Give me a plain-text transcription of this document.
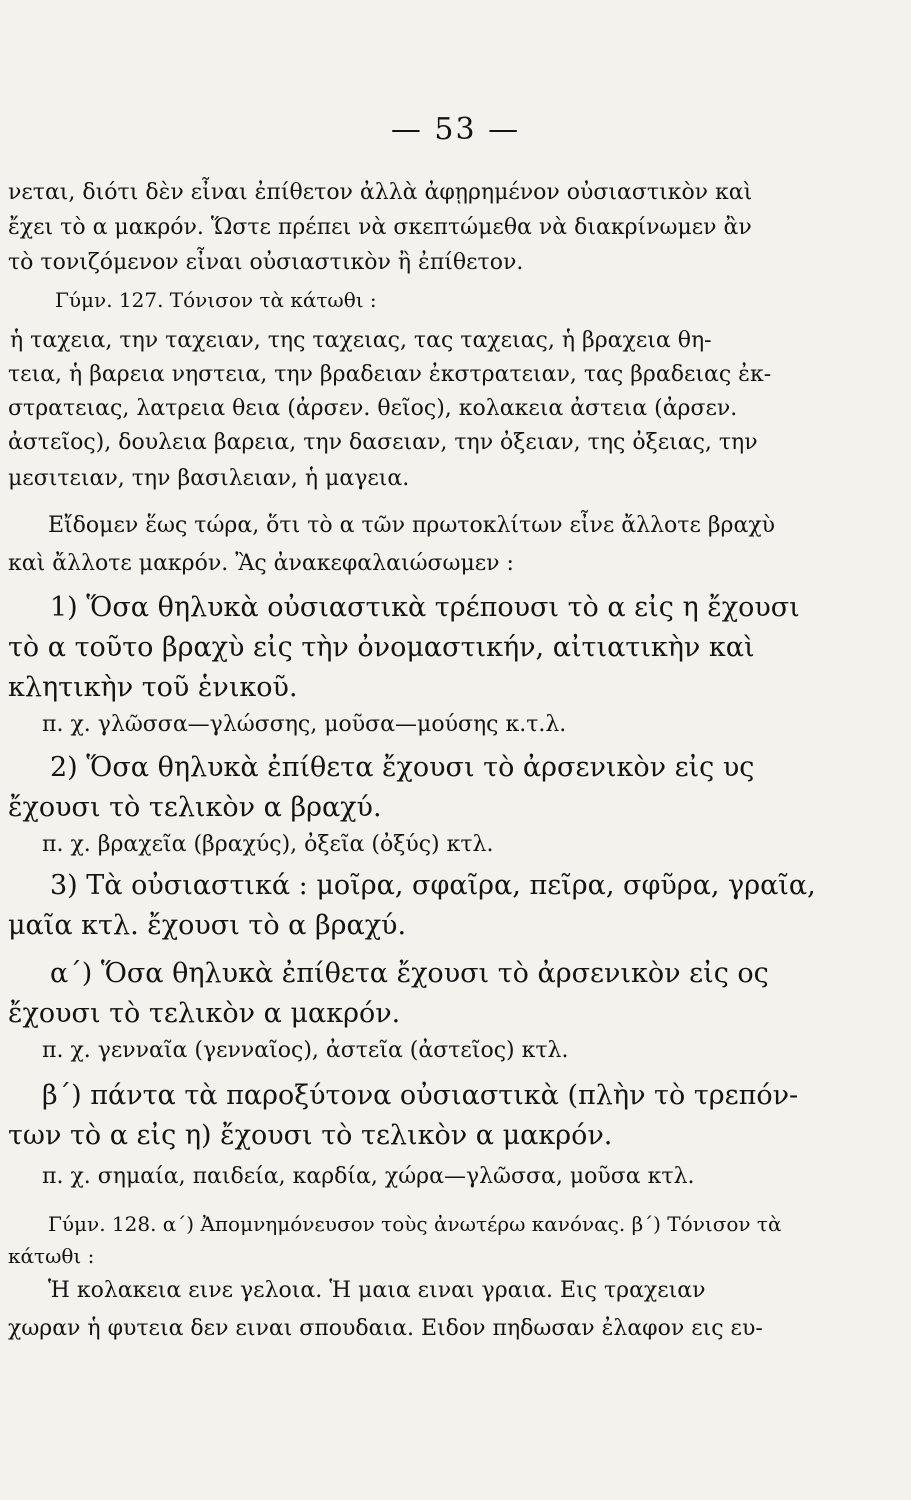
— 53 —

νεται, διότι δὲν εἶναι ἐπίθετον ἀλλὰ ἀφῃρημένον οὐσιαστικὸν καὶ

ἔχει τὸ α μακρόν. Ὥστε πρέπει νὰ σκεπτώμεθα νὰ διακρίνωμεν ἂν

τὸ τονιζόμενον εἶναι οὐσιαστικὸν ἢ ἐπίθετον.

Γύμν. 127. Τόνισον τὰ κάτωθι :

ἡ ταχεια, την ταχειαν, της ταχειας, τας ταχειας, ἡ βραχεια θη-

τεια, ἡ βαρεια νηστεια, την βραδειαν ἐκστρατειαν, τας βραδειας ἐκ-

στρατειας, λατρεια θεια (ἀρσεν. θεῖος), κολακεια ἀστεια (ἀρσεν.

ἀστεῖος), δουλεια βαρεια, την δασειαν, την ὀξειαν, της ὀξειας, την

μεσιτειαν, την βασιλειαν, ἡ μαγεια.

Εἴδομεν ἕως τώρα, ὅτι τὸ α τῶν πρωτοκλίτων εἶνε ἄλλοτε βραχὺ

καὶ ἄλλοτε μακρόν. Ἂς ἀνακεφαλαιώσωμεν :

1) Ὅσα θηλυκὰ οὐσιαστικὰ τρέπουσι τὸ α εἰς η ἔχουσι

τὸ α τοῦτο βραχὺ εἰς τὴν ὀνομαστικήν, αἰτιατικὴν καὶ

κλητικὴν τοῦ ἑνικοῦ.

π. χ. γλῶσσα—γλώσσης, μοῦσα—μούσης κ.τ.λ.

2) Ὅσα θηλυκὰ ἐπίθετα ἔχουσι τὸ ἀρσενικὸν εἰς υς

ἔχουσι τὸ τελικὸν α βραχύ.

π. χ. βραχεῖα (βραχύς), ὀξεῖα (ὀξύς) κτλ.

3) Τὰ οὐσιαστικά : μοῖρα, σφαῖρα, πεῖρα, σφῦρα, γραῖα,

μαῖα κτλ. ἔχουσι τὸ α βραχύ.

α΄) Ὅσα θηλυκὰ ἐπίθετα ἔχουσι τὸ ἀρσενικὸν εἰς ος

ἔχουσι τὸ τελικὸν α μακρόν.

π. χ. γενναῖα (γενναῖος), ἀστεῖα (ἀστεῖος) κτλ.

β΄) πάντα τὰ παροξύτονα οὐσιαστικὰ (πλὴν τὸ τρεπόν-

των τὸ α εἰς η) ἔχουσι τὸ τελικὸν α μακρόν.

π. χ. σημαία, παιδεία, καρδία, χώρα—γλῶσσα, μοῦσα κτλ.

Γύμν. 128. α΄) Ἀπομνημόνευσον τοὺς ἀνωτέρω κανόνας. β΄) Τόνισον τὰ

κάτωθι :

Ἡ κολακεια εινε γελοια. Ἡ μαια ειναι γραια. Εις τραχειαν

χωραν ἡ φυτεια δεν ειναι σπουδαια. Ειδον πηδωσαν ἐλαφον εις ευ-
